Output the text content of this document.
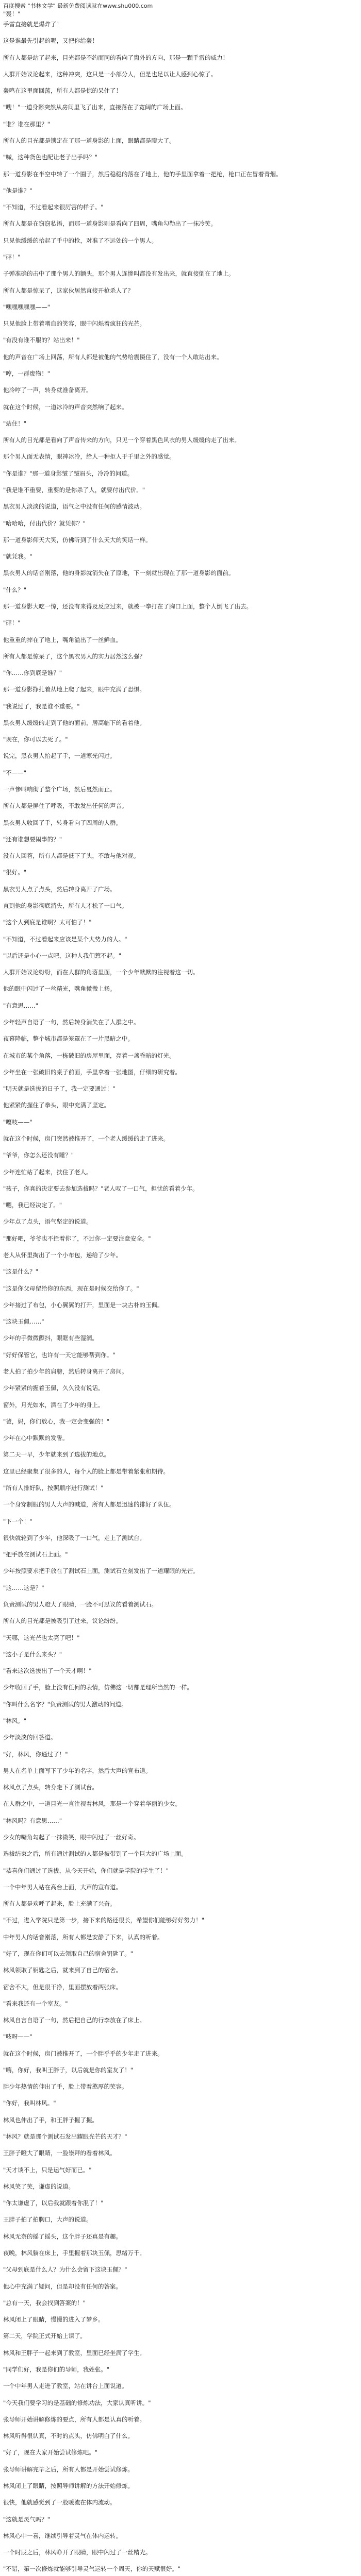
百度搜索 "书林文学" 最新免费阅读就在www.shu000.com
"轰！"
手雷直接就是爆炸了！
这是谁最先引起的呢，又把你给轰！
所有人都是站了起来，目光都是不约而同的看向了窗外的方向，那是一颗手雷的威力！
人群开始议论起来，这种冲突，这只是一小部分人，但是也足以让人感到心惊了。
轰鸣在这里面回荡，所有人都是惊的呆住了！
"嗖！"一道身影突然从房间里飞了出来，直接落在了宽阔的广场上面。
"谁？谁在那里？"
所有人的目光都是锁定在了那一道身影的上面，眼睛都是瞪大了。
"喊，这种货色也配让老子出手吗？"
那一道身影在半空中转了一个圈子，然后稳稳的落在了地上，他的手里面拿着一把枪，枪口正在冒着青烟。
"他是谁？"
"不知道，不过看起来很厉害的样子。"
所有人都是在窃窃私语，而那一道身影则是看向了四周，嘴角勾勒出了一抹冷笑。
只见他缓缓的抬起了手中的枪，对准了不远处的一个男人。
"砰！"
子弹准确的击中了那个男人的额头，那个男人连惨叫都没有发出来，就直接倒在了地上。
所有人都是惊呆了，这家伙居然直接开枪杀人了？
"嘿嘿嘿嘿嘿——"
只见他脸上带着嗜血的笑容，眼中闪烁着疯狂的光芒。
"有没有谁不服的？站出来！"
他的声音在广场上回荡，所有人都是被他的气势给震慑住了，没有一个人敢站出来。
"哼，一群废物！"
他冷哼了一声，转身就准备离开。
就在这个时候，一道冰冷的声音突然响了起来。
"站住！"
所有人的目光都是看向了声音传来的方向，只见一个穿着黑色风衣的男人缓缓的走了出来。
那个男人面无表情，眼神冰冷，给人一种拒人于千里之外的感觉。
"你是谁？"那一道身影皱了皱眉头，冷冷的问道。
"我是谁不重要，重要的是你杀了人，就要付出代价。"
黑衣男人淡淡的说道，语气之中没有任何的感情波动。
"哈哈哈，付出代价？就凭你？"
那一道身影仰天大笑，仿佛听到了什么天大的笑话一样。
"就凭我。"
黑衣男人的话音刚落，他的身影就消失在了原地，下一刻就出现在了那一道身影的面前。
"什么？"
那一道身影大吃一惊，还没有来得及反应过来，就被一拳打在了胸口上面，整个人倒飞了出去。
"砰！"
他重重的摔在了地上，嘴角溢出了一丝鲜血。
所有人都是惊呆了，这个黑衣男人的实力居然这么强？
"你……你到底是谁？"
那一道身影挣扎着从地上爬了起来，眼中充满了恐惧。
"我说过了，我是谁不重要。"
黑衣男人缓缓的走到了他的面前，居高临下的看着他。
"现在，你可以去死了。"
说完，黑衣男人抬起了手，一道寒光闪过。
"不——"
一声惨叫响彻了整个广场，然后戛然而止。
所有人都是屏住了呼吸，不敢发出任何的声音。
黑衣男人收回了手，转身看向了四周的人群。
"还有谁想要闹事的？"
没有人回答，所有人都是低下了头，不敢与他对视。
"很好。"
黑衣男人点了点头，然后转身离开了广场。
直到他的身影彻底消失，所有人才松了一口气。
"这个人到底是谁啊？太可怕了！"
"不知道，不过看起来应该是某个大势力的人。"
"以后还是小心一点吧，这种人我们惹不起。"
人群开始议论纷纷，而在人群的角落里面，一个少年默默的注视着这一切。
他的眼中闪过了一丝精光，嘴角微微上扬。
"有意思……"
少年轻声自语了一句，然后转身消失在了人群之中。
夜幕降临，整个城市都是笼罩在了一片黑暗之中。
在城市的某个角落，一栋破旧的房屋里面，亮着一盏昏暗的灯光。
少年坐在一张破旧的桌子前面，手里拿着一张地图，仔细的研究着。
"明天就是选拔的日子了，我一定要通过！"
他紧紧的握住了拳头，眼中充满了坚定。
"嘎吱——"
就在这个时候，房门突然被推开了，一个老人缓缓的走了进来。
"爷爷，你怎么还没有睡？"
少年连忙站了起来，扶住了老人。
"孩子，你真的决定要去参加选拔吗？"老人叹了一口气，担忧的看着少年。
"嗯，我已经决定了。"
少年点了点头，语气坚定的说道。
"那好吧，爷爷也不拦着你了，不过你一定要注意安全。"
老人从怀里掏出了一个小布包，递给了少年。
"这是什么？"
"这是你父母留给你的东西，现在是时候交给你了。"
少年接过了布包，小心翼翼的打开，里面是一块古朴的玉佩。
"这块玉佩……"
少年的手微微颤抖，眼眶有些湿润。
"好好保管它，也许有一天它能够帮到你。"
老人拍了拍少年的肩膀，然后转身离开了房间。
少年紧紧的握着玉佩，久久没有说话。
窗外，月光如水，洒在了少年的身上。
"爸，妈，你们放心，我一定会变强的！"
少年在心中默默的发誓。
第二天一早，少年就来到了选拔的地点。
这里已经聚集了很多的人，每个人的脸上都是带着紧张和期待。
"所有人排好队，按照顺序进行测试！"
一个身穿制服的男人大声的喊道，所有人都是迅速的排好了队伍。
"下一个！"
很快就轮到了少年，他深吸了一口气，走上了测试台。
"把手放在测试石上面。"
少年按照要求把手放在了测试石上面，测试石立刻发出了一道耀眼的光芒。
"这……这是？"
负责测试的男人瞪大了眼睛，一脸不可思议的看着测试石。
所有人的目光都是被吸引了过来，议论纷纷。
"天哪，这光芒也太亮了吧！"
"这小子是什么来头？"
"看来这次选拔出了一个天才啊！"
少年收回了手，脸上没有任何的表情，仿佛这一切都是理所当然的一样。
"你叫什么名字？"负责测试的男人激动的问道。
"林风。"
少年淡淡的回答道。
"好，林风，你通过了！"
男人在名单上面写下了少年的名字，然后大声的宣布道。
林风点了点头，转身走下了测试台。
在人群之中，一道目光一直注视着林风，那是一个穿着华丽的少女。
"林风吗？有意思……"
少女的嘴角勾起了一抹微笑，眼中闪过了一丝好奇。
选拔结束之后，所有通过测试的人都是被带到了一个巨大的广场上面。
"恭喜你们通过了选拔，从今天开始，你们就是学院的学生了！"
一个中年男人站在高台上面，大声的宣布道。
所有人都是欢呼了起来，脸上充满了兴奋。
"不过，进入学院只是第一步，接下来的路还很长，希望你们能够好好努力！"
中年男人的话音刚落，所有人都是安静了下来，认真的听着。
"好了，现在你们可以去领取自己的宿舍钥匙了。"
林风领取了钥匙之后，就来到了自己的宿舍。
宿舍不大，但是很干净，里面摆放着两张床。
"看来我还有一个室友。"
林风自言自语了一句，然后把自己的行李放在了床上。
"吱呀——"
就在这个时候，房门被推开了，一个胖乎乎的少年走了进来。
"嗨，你好，我叫王胖子，以后就是你的室友了！"
胖少年热情的伸出了手，脸上带着憨厚的笑容。
"你好，我叫林风。"
林风也伸出了手，和王胖子握了握。
"林风？就是那个测试石发出耀眼光芒的天才？"
王胖子瞪大了眼睛，一脸崇拜的看着林风。
"天才谈不上，只是运气好而已。"
林风笑了笑，谦虚的说道。
"你太谦虚了，以后我就跟着你混了！"
王胖子拍了拍胸口，大声的说道。
林风无奈的摇了摇头，这个胖子还真是有趣。
夜晚，林风躺在床上，手里握着那块玉佩，思绪万千。
"父母到底是什么人？为什么会留下这块玉佩？"
他心中充满了疑问，但是却没有任何的答案。
"总有一天，我会找到答案的！"
林风闭上了眼睛，慢慢的进入了梦乡。
第二天，学院正式开始上课了。
林风和王胖子一起来到了教室，里面已经坐满了学生。
"同学们好，我是你们的导师，我姓张。"
一个中年男人走进了教室，站在讲台上面说道。
"今天我们要学习的是基础的修炼功法，大家认真听讲。"
张导师开始讲解修炼的要点，所有人都是认真的听着。
林风听得很认真，不时的点头，仿佛明白了什么。
"好了，现在大家开始尝试修炼吧。"
张导师讲解完毕之后，所有人都是开始尝试修炼。
林风闭上了眼睛，按照导师讲解的方法开始修炼。
很快，他就感觉到了一股暖流在体内流动。
"这就是灵气吗？"
林风心中一喜，继续引导着灵气在体内运转。
一个时辰之后，林风睁开了眼睛，眼中闪过了一丝精光。
"不错，第一次修炼就能够引导灵气运转一个周天，你的天赋很好。"
